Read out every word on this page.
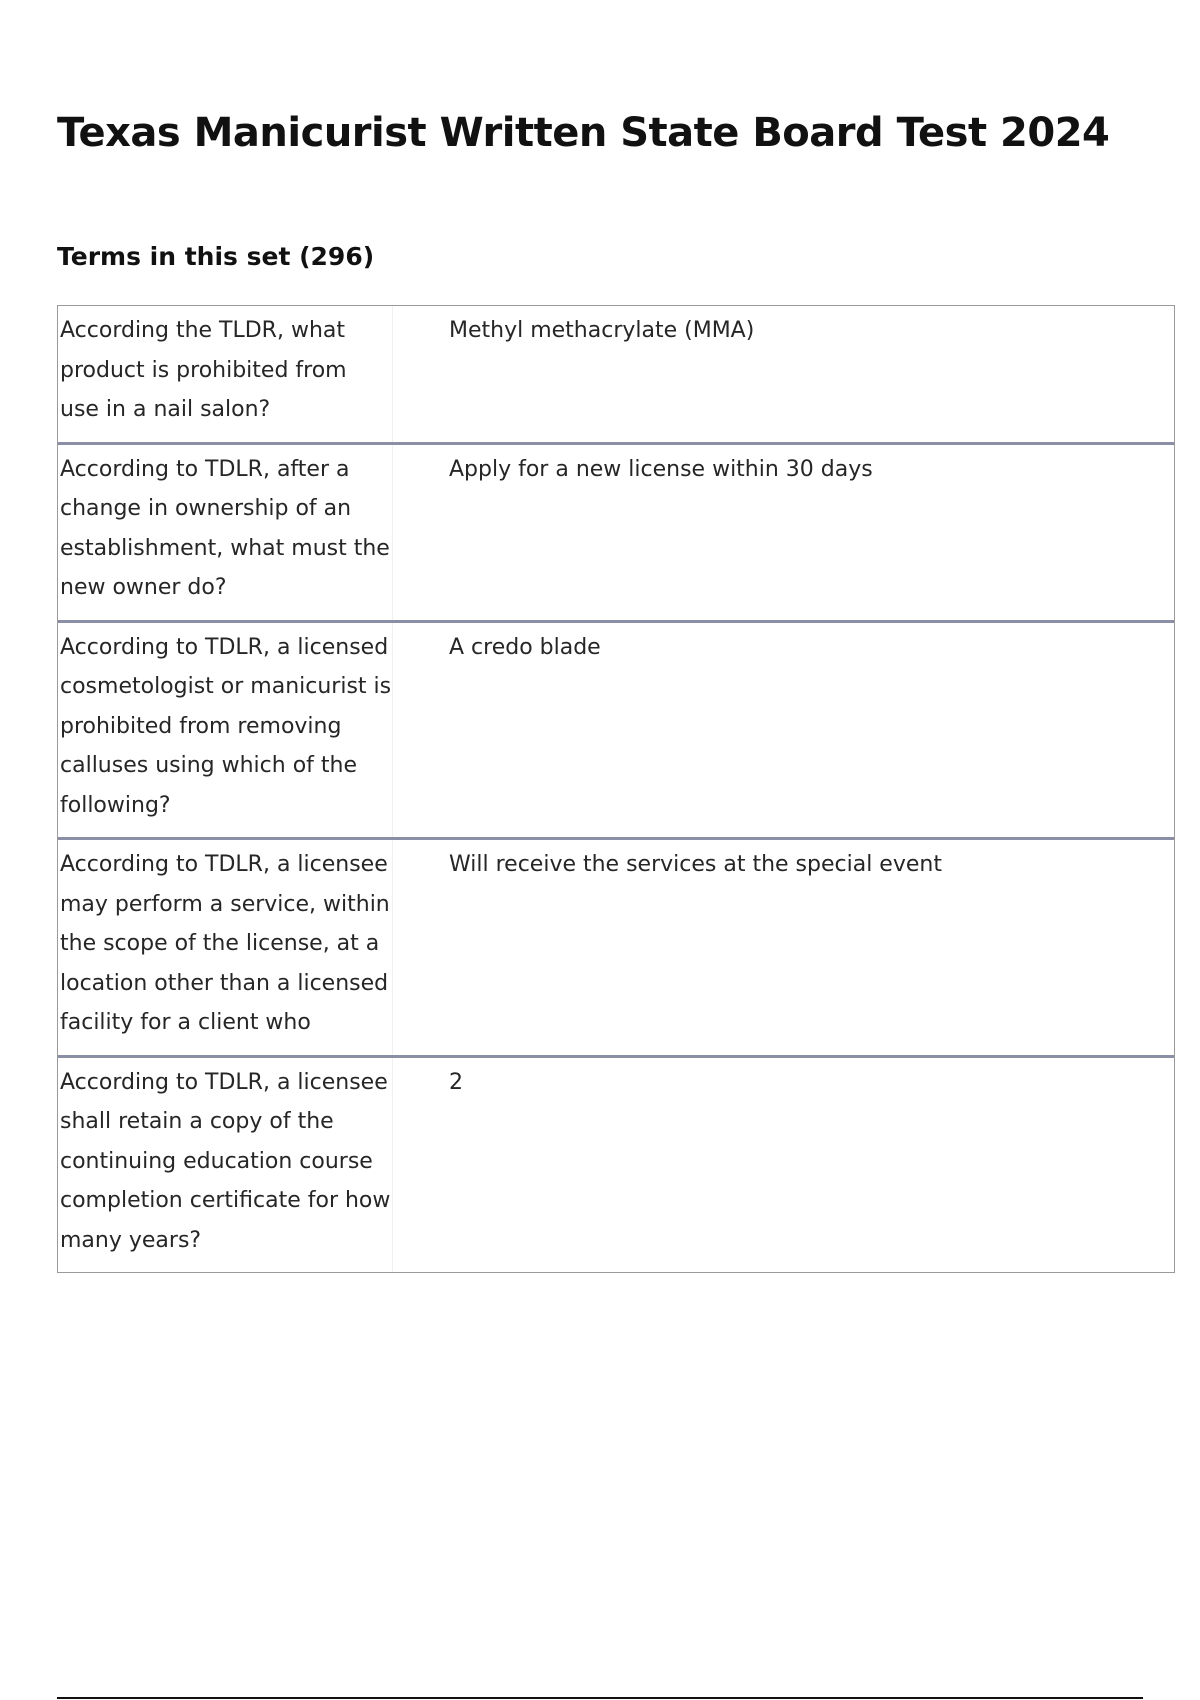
Texas Manicurist Written State Board Test 2024
Terms in this set (296)
According the TLDR, what product is prohibited from use in a nail salon?
Methyl methacrylate (MMA)
According to TDLR, after a change in ownership of an establishment, what must the new owner do?
Apply for a new license within 30 days
According to TDLR, a licensed cosmetologist or manicurist is prohibited from removing calluses using which of the following?
A credo blade
According to TDLR, a licensee may perform a service, within the scope of the license, at a location other than a licensed facility for a client who
Will receive the services at the special event
According to TDLR, a licensee shall retain a copy of the continuing education course completion certificate for how many years?
2
